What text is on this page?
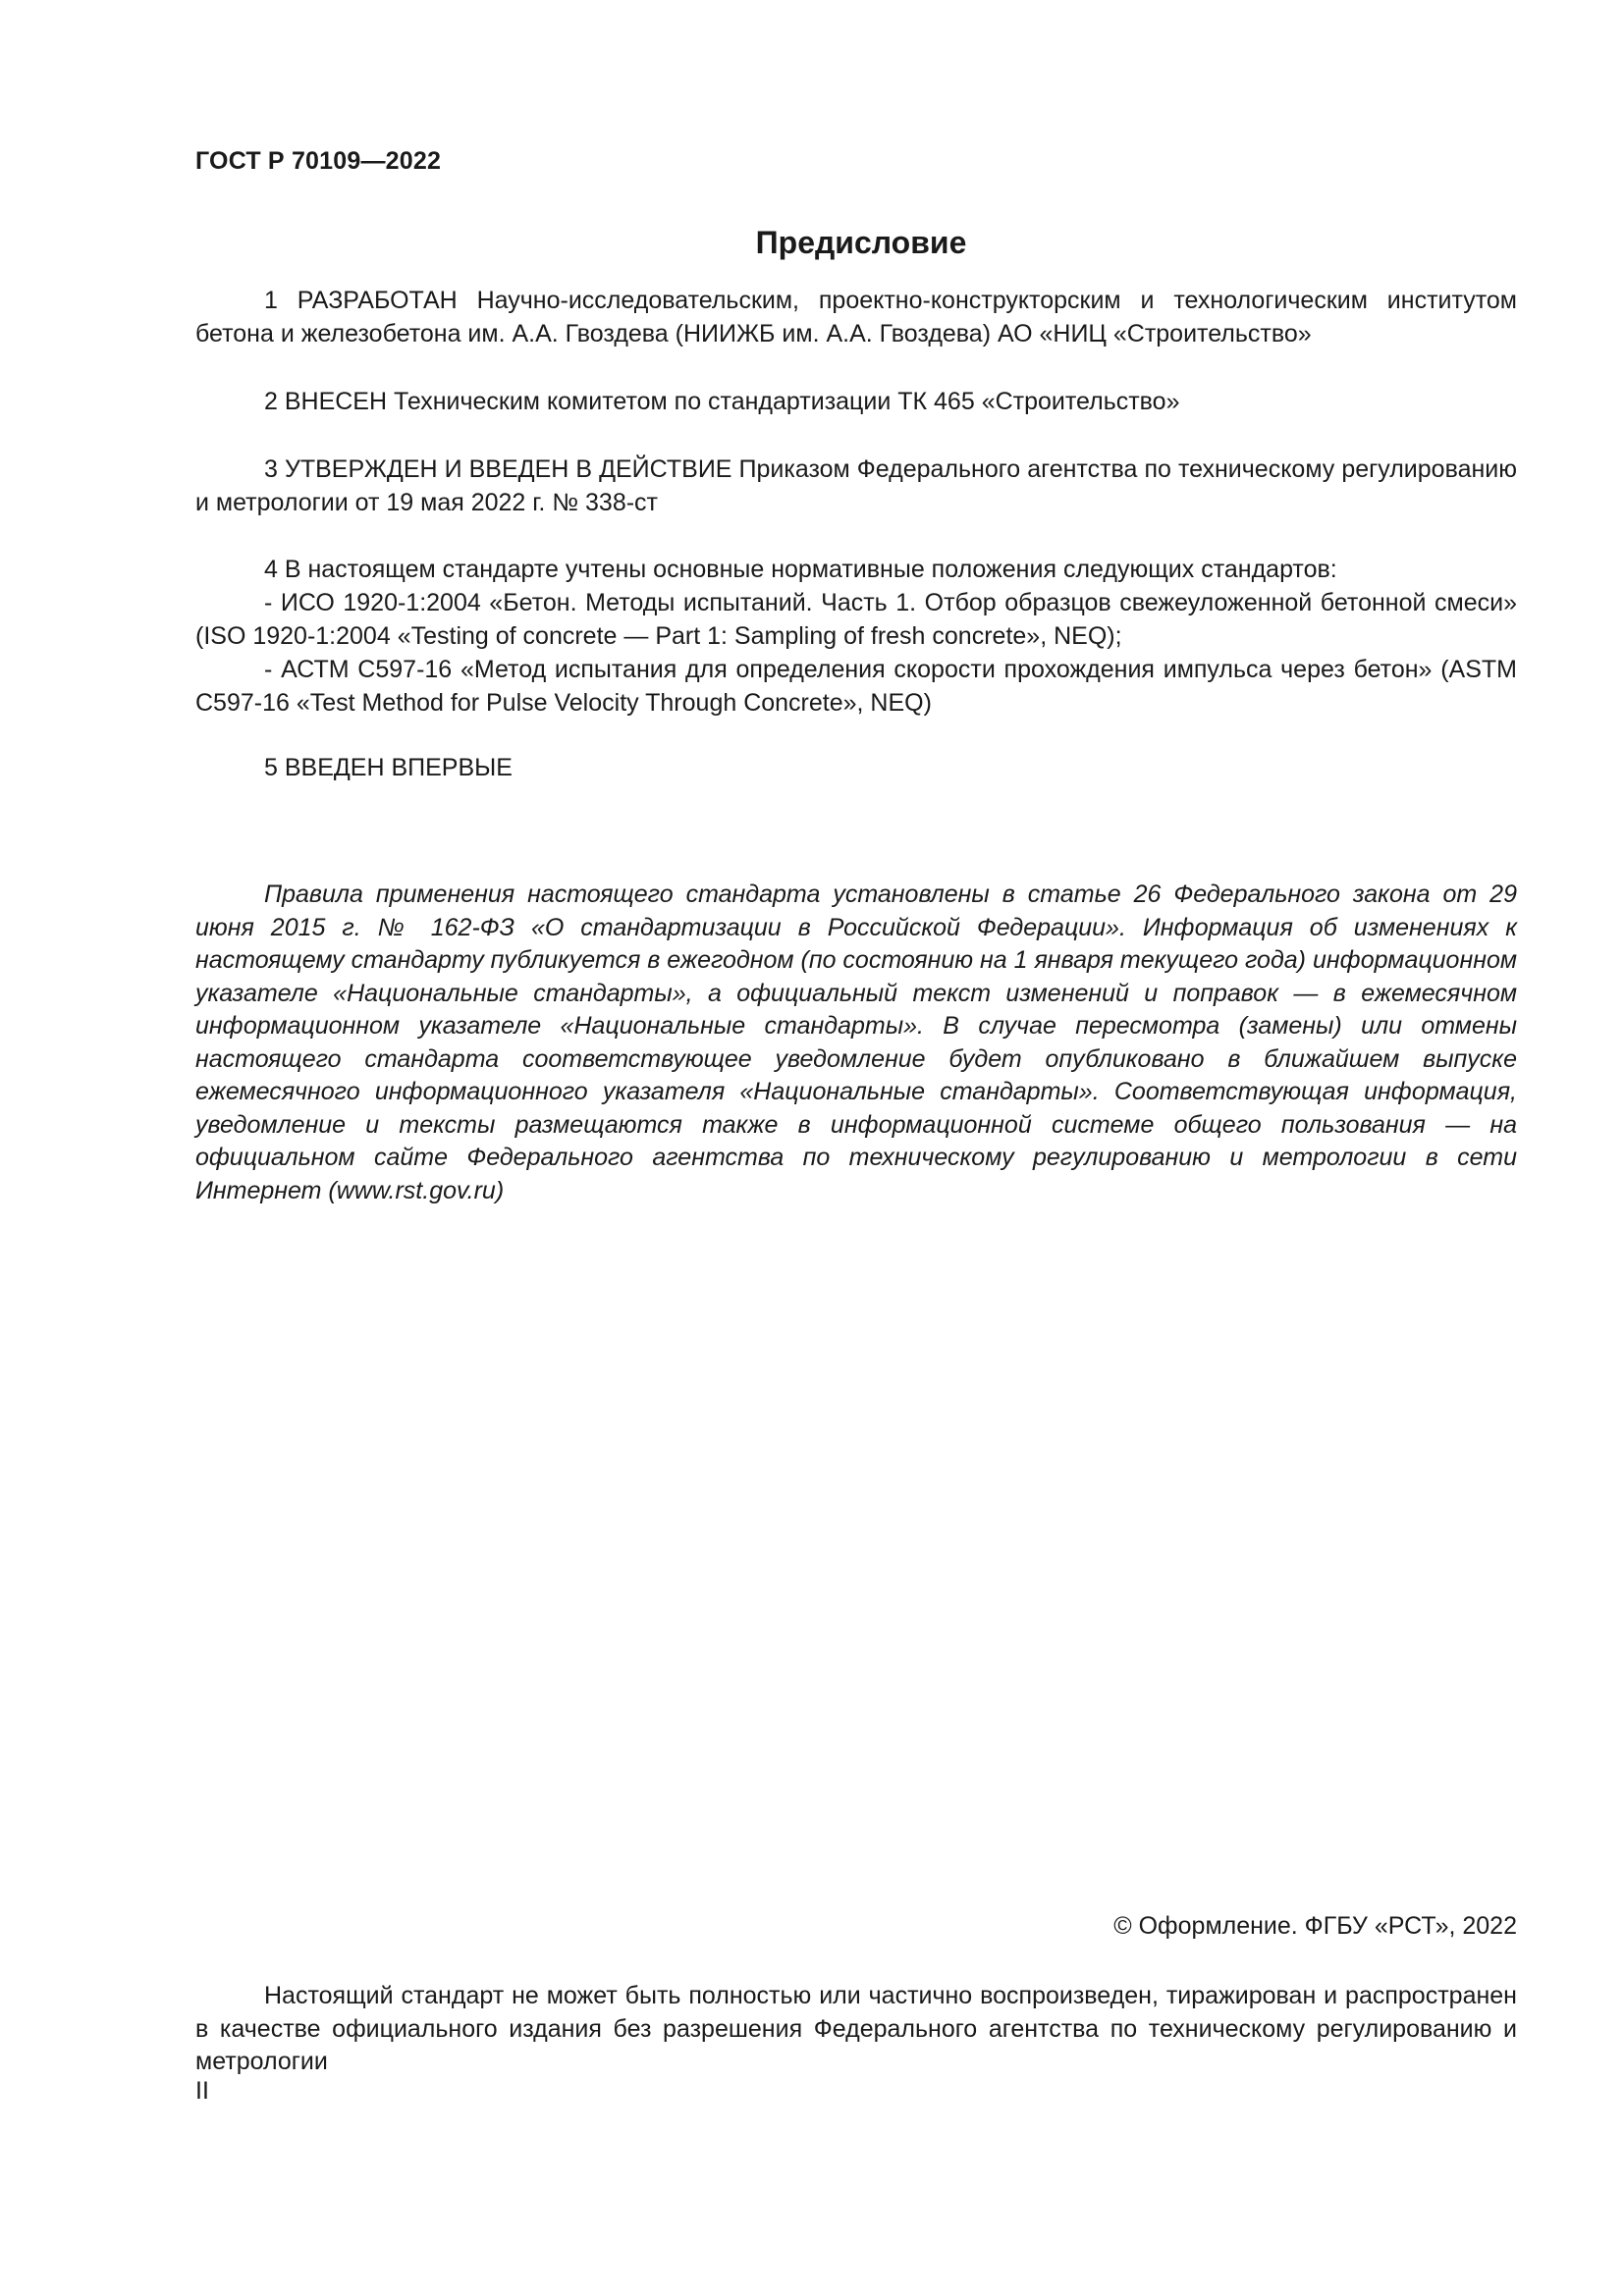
ГОСТ Р 70109—2022
Предисловие

1 РАЗРАБОТАН Научно-исследовательским, проектно-конструкторским и технологическим институтом бетона и железобетона им. А.А. Гвоздева (НИИЖБ им. А.А. Гвоздева) АО «НИЦ «Строительство»

2 ВНЕСЕН Техническим комитетом по стандартизации ТК 465 «Строительство»

3 УТВЕРЖДЕН И ВВЕДЕН В ДЕЙСТВИЕ Приказом Федерального агентства по техническому регулированию и метрологии от 19 мая 2022 г. № 338-ст

4 В настоящем стандарте учтены основные нормативные положения следующих стандартов:

- ИСО 1920-1:2004 «Бетон. Методы испытаний. Часть 1. Отбор образцов свежеуложенной бетонной смеси» (ISO 1920-1:2004 «Testing of concrete — Part 1: Sampling of fresh concrete», NEQ);

- АСТМ С597-16 «Метод испытания для определения скорости прохождения импульса через бетон» (ASTM C597-16 «Test Method for Pulse Velocity Through Concrete», NEQ)

5 ВВЕДЕН ВПЕРВЫЕ

Правила применения настоящего стандарта установлены в статье 26 Федерального закона от 29 июня 2015 г. № 162-ФЗ «О стандартизации в Российской Федерации». Информация об изменениях к настоящему стандарту публикуется в ежегодном (по состоянию на 1 января текущего года) информационном указателе «Национальные стандарты», а официальный текст изменений и поправок — в ежемесячном информационном указателе «Национальные стандарты». В случае пересмотра (замены) или отмены настоящего стандарта соответствующее уведомление будет опубликовано в ближайшем выпуске ежемесячного информационного указателя «Национальные стандарты». Соответствующая информация, уведомление и тексты размещаются также в информационной системе общего пользования — на официальном сайте Федерального агентства по техническому регулированию и метрологии в сети Интернет (www.rst.gov.ru)

© Оформление. ФГБУ «РСТ», 2022

Настоящий стандарт не может быть полностью или частично воспроизведен, тиражирован и распространен в качестве официального издания без разрешения Федерального агентства по техническому регулированию и метрологии

II
